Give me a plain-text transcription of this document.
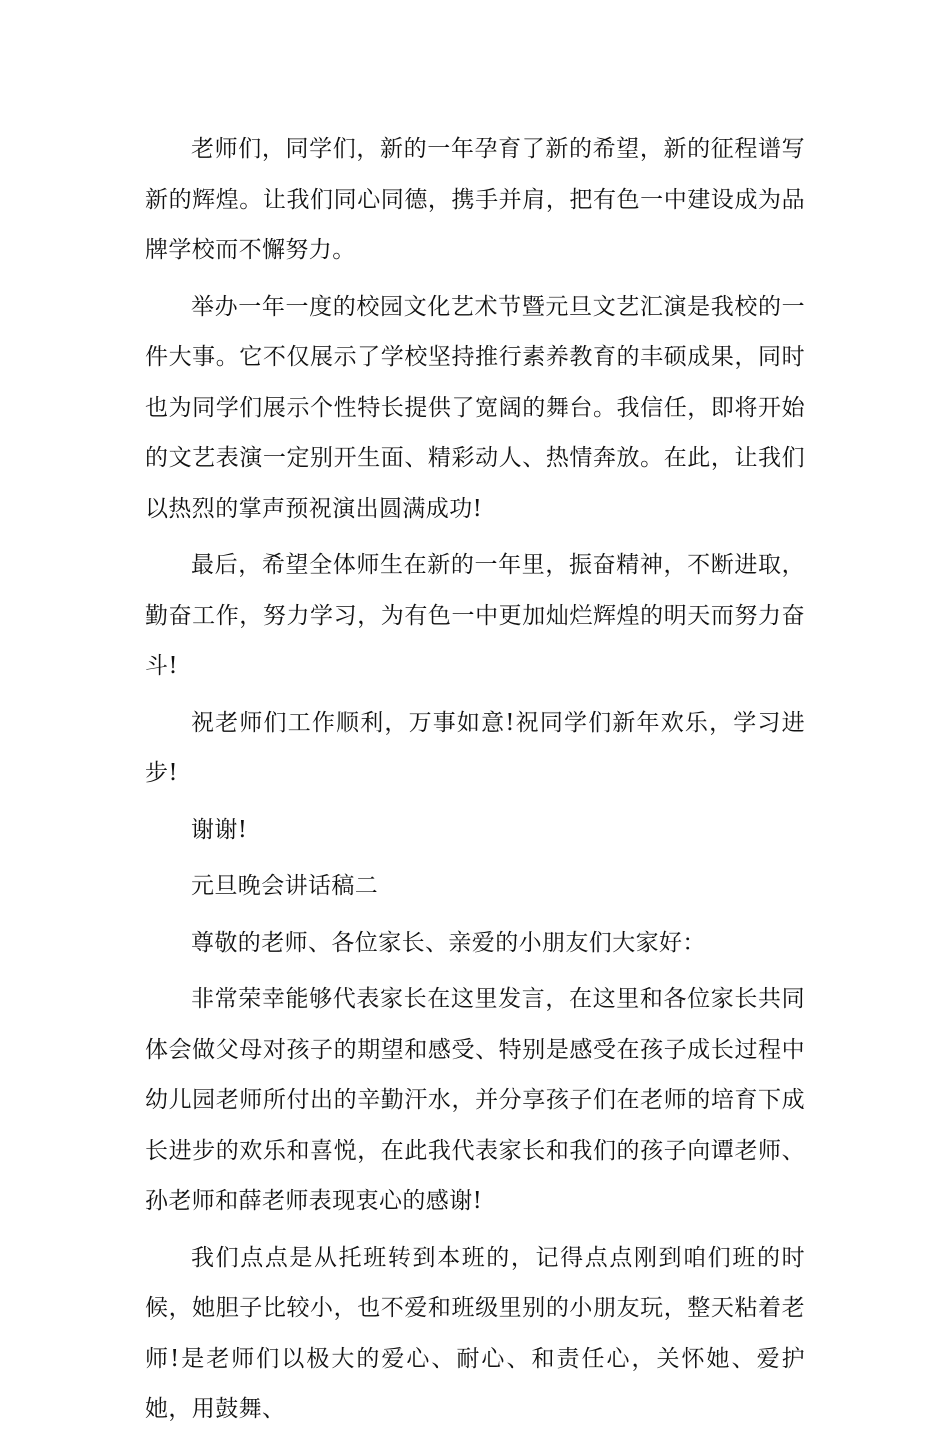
老师们，同学们，新的一年孕育了新的希望，新的征程谱写新的辉煌。让我们同心同德，携手并肩，把有色一中建设成为品牌学校而不懈努力。

举办一年一度的校园文化艺术节暨元旦文艺汇演是我校的一件大事。它不仅展示了学校坚持推行素养教育的丰硕成果，同时也为同学们展示个性特长提供了宽阔的舞台。我信任，即将开始的文艺表演一定别开生面、精彩动人、热情奔放。在此，让我们以热烈的掌声预祝演出圆满成功!

最后，希望全体师生在新的一年里，振奋精神，不断进取，勤奋工作，努力学习，为有色一中更加灿烂辉煌的明天而努力奋斗!

祝老师们工作顺利，万事如意!祝同学们新年欢乐，学习进步!

谢谢!

元旦晚会讲话稿二

尊敬的老师、各位家长、亲爱的小朋友们大家好：

非常荣幸能够代表家长在这里发言，在这里和各位家长共同体会做父母对孩子的期望和感受、特别是感受在孩子成长过程中幼儿园老师所付出的辛勤汗水，并分享孩子们在老师的培育下成长进步的欢乐和喜悦，在此我代表家长和我们的孩子向谭老师、孙老师和薛老师表现衷心的感谢!

我们点点是从托班转到本班的，记得点点刚到咱们班的时候，她胆子比较小，也不爱和班级里别的小朋友玩，整天粘着老师!是老师们以极大的爱心、耐心、和责任心，关怀她、爱护她，用鼓舞、
